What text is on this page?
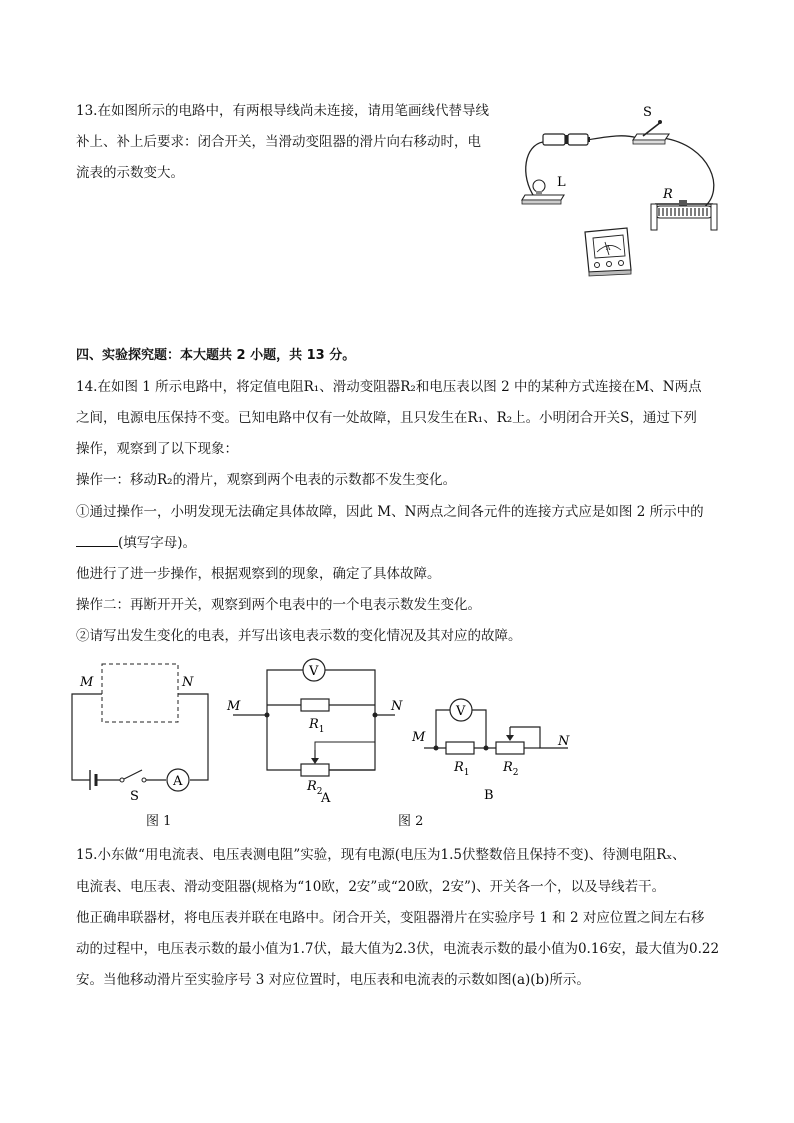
13.在如图所示的电路中，有两根导线尚未连接，请用笔画线代替导线
补上、补上后要求：闭合开关，当滑动变阻器的滑片向右移动时，电
流表的示数变大。
S
L
R
A
四、实验探究题：本大题共 2 小题，共 13 分。
14.在如图 1 所示电路中，将定值电阻R₁、滑动变阻器R₂和电压表以图 2 中的某种方式连接在M、N两点
之间，电源电压保持不变。已知电路中仅有一处故障，且只发生在R₁、R₂上。小明闭合开关S，通过下列
操作，观察到了以下现象：
操作一：移动R₂的滑片，观察到两个电表的示数都不发生变化。
①通过操作一，小明发现无法确定具体故障，因此 M、N两点之间各元件的连接方式应是如图 2 所示中的
(填写字母)。
他进行了进一步操作，根据观察到的现象，确定了具体故障。
操作二：再断开开关，观察到两个电表中的一个电表示数发生变化。
②请写出发生变化的电表，并写出该电表示数的变化情况及其对应的故障。
M	N
S
A
图 1
M	N
V
$R_1$
$R_2$
A
M	N
V
$R_1$	$R_2$
B
图 2
15.小东做“用电流表、电压表测电阻”实验，现有电源(电压为1.5伏整数倍且保持不变)、待测电阻Rₓ、
电流表、电压表、滑动变阻器(规格为“10欧，2安”或“20欧，2安”)、开关各一个，以及导线若干。
他正确串联器材，将电压表并联在电路中。闭合开关，变阻器滑片在实验序号 1 和 2 对应位置之间左右移
动的过程中，电压表示数的最小值为1.7伏，最大值为2.3伏，电流表示数的最小值为0.16安，最大值为0.22
安。当他移动滑片至实验序号 3 对应位置时，电压表和电流表的示数如图(a)(b)所示。
